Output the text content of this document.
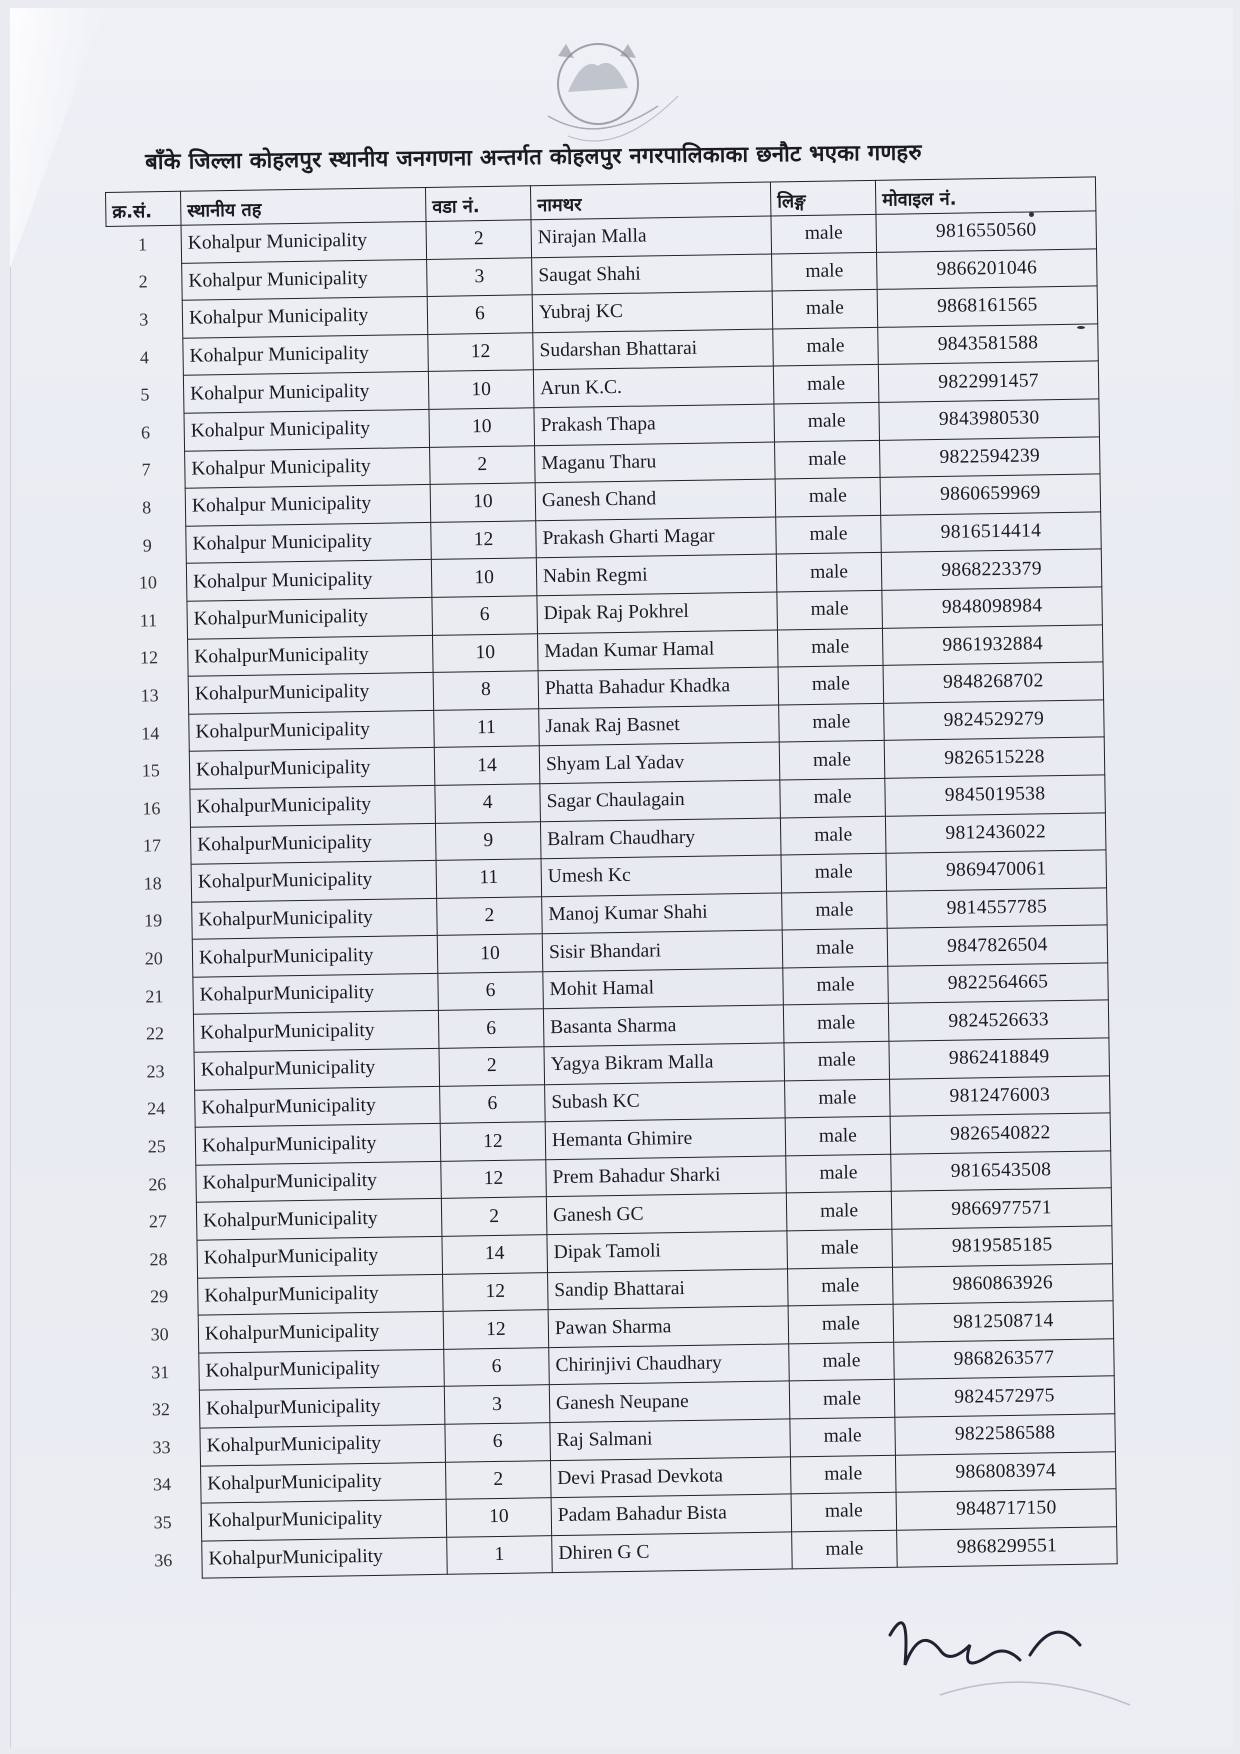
बाँके जिल्ला कोहलपुर स्थानीय जनगणना अन्तर्गत कोहलपुर नगरपालिकाका छनौट भएका गणहरु
क्र.सं.	स्थानीय तह	वडा नं.	नामथर	लिङ्ग	मोवाइल नं.
1	Kohalpur Municipality	2	Nirajan Malla	male	9816550560
2	Kohalpur Municipality	3	Saugat Shahi	male	9866201046
3	Kohalpur Municipality	6	Yubraj KC	male	9868161565
4	Kohalpur Municipality	12	Sudarshan Bhattarai	male	9843581588
5	Kohalpur Municipality	10	Arun K.C.	male	9822991457
6	Kohalpur Municipality	10	Prakash Thapa	male	9843980530
7	Kohalpur Municipality	2	Maganu Tharu	male	9822594239
8	Kohalpur Municipality	10	Ganesh Chand	male	9860659969
9	Kohalpur Municipality	12	Prakash Gharti Magar	male	9816514414
10	Kohalpur Municipality	10	Nabin Regmi	male	9868223379
11	KohalpurMunicipality	6	Dipak Raj Pokhrel	male	9848098984
12	KohalpurMunicipality	10	Madan Kumar Hamal	male	9861932884
13	KohalpurMunicipality	8	Phatta Bahadur Khadka	male	9848268702
14	KohalpurMunicipality	11	Janak Raj Basnet	male	9824529279
15	KohalpurMunicipality	14	Shyam Lal Yadav	male	9826515228
16	KohalpurMunicipality	4	Sagar Chaulagain	male	9845019538
17	KohalpurMunicipality	9	Balram Chaudhary	male	9812436022
18	KohalpurMunicipality	11	Umesh Kc	male	9869470061
19	KohalpurMunicipality	2	Manoj Kumar Shahi	male	9814557785
20	KohalpurMunicipality	10	Sisir Bhandari	male	9847826504
21	KohalpurMunicipality	6	Mohit Hamal	male	9822564665
22	KohalpurMunicipality	6	Basanta Sharma	male	9824526633
23	KohalpurMunicipality	2	Yagya Bikram Malla	male	9862418849
24	KohalpurMunicipality	6	Subash KC	male	9812476003
25	KohalpurMunicipality	12	Hemanta Ghimire	male	9826540822
26	KohalpurMunicipality	12	Prem Bahadur Sharki	male	9816543508
27	KohalpurMunicipality	2	Ganesh GC	male	9866977571
28	KohalpurMunicipality	14	Dipak Tamoli	male	9819585185
29	KohalpurMunicipality	12	Sandip Bhattarai	male	9860863926
30	KohalpurMunicipality	12	Pawan Sharma	male	9812508714
31	KohalpurMunicipality	6	Chirinjivi Chaudhary	male	9868263577
32	KohalpurMunicipality	3	Ganesh Neupane	male	9824572975
33	KohalpurMunicipality	6	Raj Salmani	male	9822586588
34	KohalpurMunicipality	2	Devi Prasad Devkota	male	9868083974
35	KohalpurMunicipality	10	Padam Bahadur Bista	male	9848717150
36	KohalpurMunicipality	1	Dhiren G C	male	9868299551
